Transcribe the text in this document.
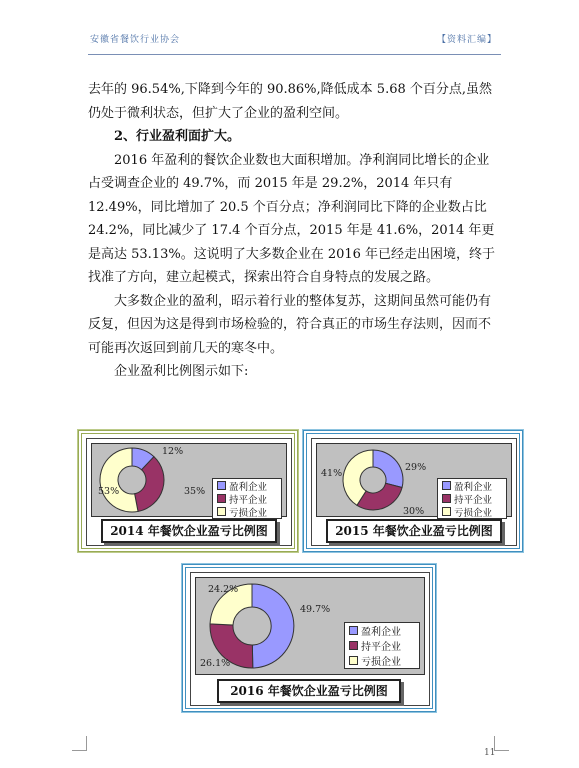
安徽省餐饮行业协会	【资料汇编】

去年的 96.54%,下降到今年的 90.86%,降低成本 5.68 个百分点,虽然仍处于微利状态，但扩大了企业的盈利空间。

2、行业盈利面扩大。

2016 年盈利的餐饮企业数也大面积增加。净利润同比增长的企业占受调查企业的 49.7%，而 2015 年是 29.2%，2014 年只有 12.49%，同比增加了 20.5 个百分点；净利润同比下降的企业数占比 24.2%，同比减少了 17.4 个百分点，2015 年是 41.6%，2014 年更是高达 53.13%。这说明了大多数企业在 2016 年已经走出困境，终于找准了方向，建立起模式，探索出符合自身特点的发展之路。

大多数企业的盈利，昭示着行业的整体复苏，这期间虽然可能仍有反复，但因为这是得到市场检验的，符合真正的市场生存法则，因而不可能再次返回到前几天的寒冬中。

企业盈利比例图示如下:

12%
35%
53%	盈利企业
持平企业
亏损企业
2014 年餐饮企业盈亏比例图
29%
30%
41%
盈利企业
持平企业
亏损企业
2015 年餐饮企业盈亏比例图
49.7%
26.1%
24.2%
盈利企业
持平企业
亏损企业
2016 年餐饮企业盈亏比例图
11
